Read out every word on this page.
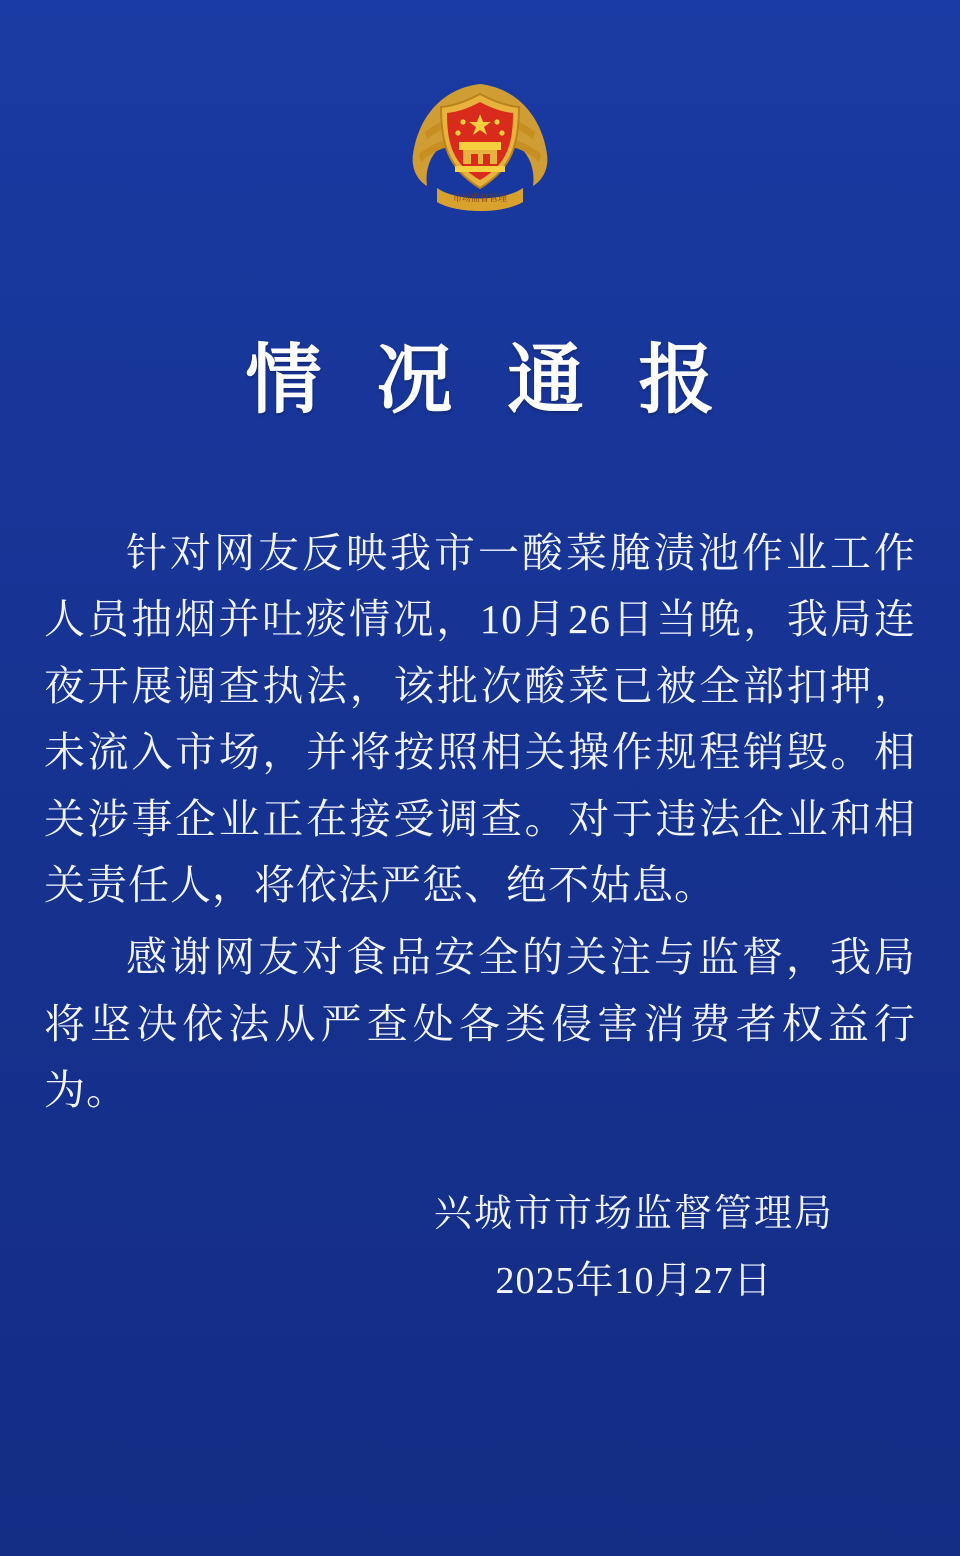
市场监督管理
情 况 通 报

针对网友反映我市一酸菜腌渍池作业工作人员抽烟并吐痰情况，10月26日当晚，我局连夜开展调查执法，该批次酸菜已被全部扣押，未流入市场，并将按照相关操作规程销毁。相关涉事企业正在接受调查。对于违法企业和相关责任人，将依法严惩、绝不姑息。

感谢网友对食品安全的关注与监督，我局将坚决依法从严查处各类侵害消费者权益行为。

兴城市市场监督管理局
2025年10月27日
